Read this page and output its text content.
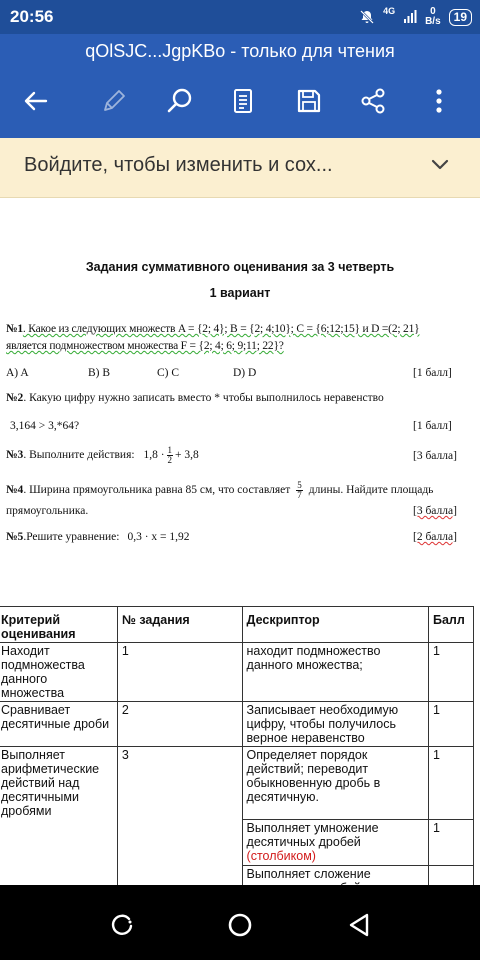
20:56	4G	0
B/s	19
qOlSJC...JgpKBo - только для чтения
Войдите, чтобы изменить и сох...
Задания суммативного оценивания за 3 четверть
1 вариант
№1. Какое из следующих множеств A = {2; 4}; B = {2; 4;10}; C = {6;12;15} и D =(2; 21}
является подмножеством множества F = {2; 4; 6; 9;11; 22}?
A) A	B) B	C) C	D) D	[1 балл]
№2. Какую цифру нужно записать вместо * чтобы выполнилось неравенство
3,164 > 3,*64?	[1 балл]
№3. Выполните действия: $1,8 \cdot \frac{1}{2} + 3,8$	[3 балла]
№4. Ширина прямоугольника равна 85 см, что составляет $\frac{5}{7}$ длины. Найдите площадь
прямоугольника.	[3 балла]
№5.Решите уравнение: 0,3 · x = 1,92	[2 балла]
Критерий оценивания	№ задания	Дескриптор	Балл
Находит подмножества данного множества	1	находит подмножество данного множества;	1
Сравнивает десятичные дроби	2	Записывает необходимую цифру, чтобы получилось верное неравенство	1
Выполняет арифметические действий над десятичными дробями	3	Определяет порядок действий; переводит обыкновенную дробь в десятичную.	1
		Выполняет умножение десятичных дробей (столбиком)	1
		Выполняет сложение	
